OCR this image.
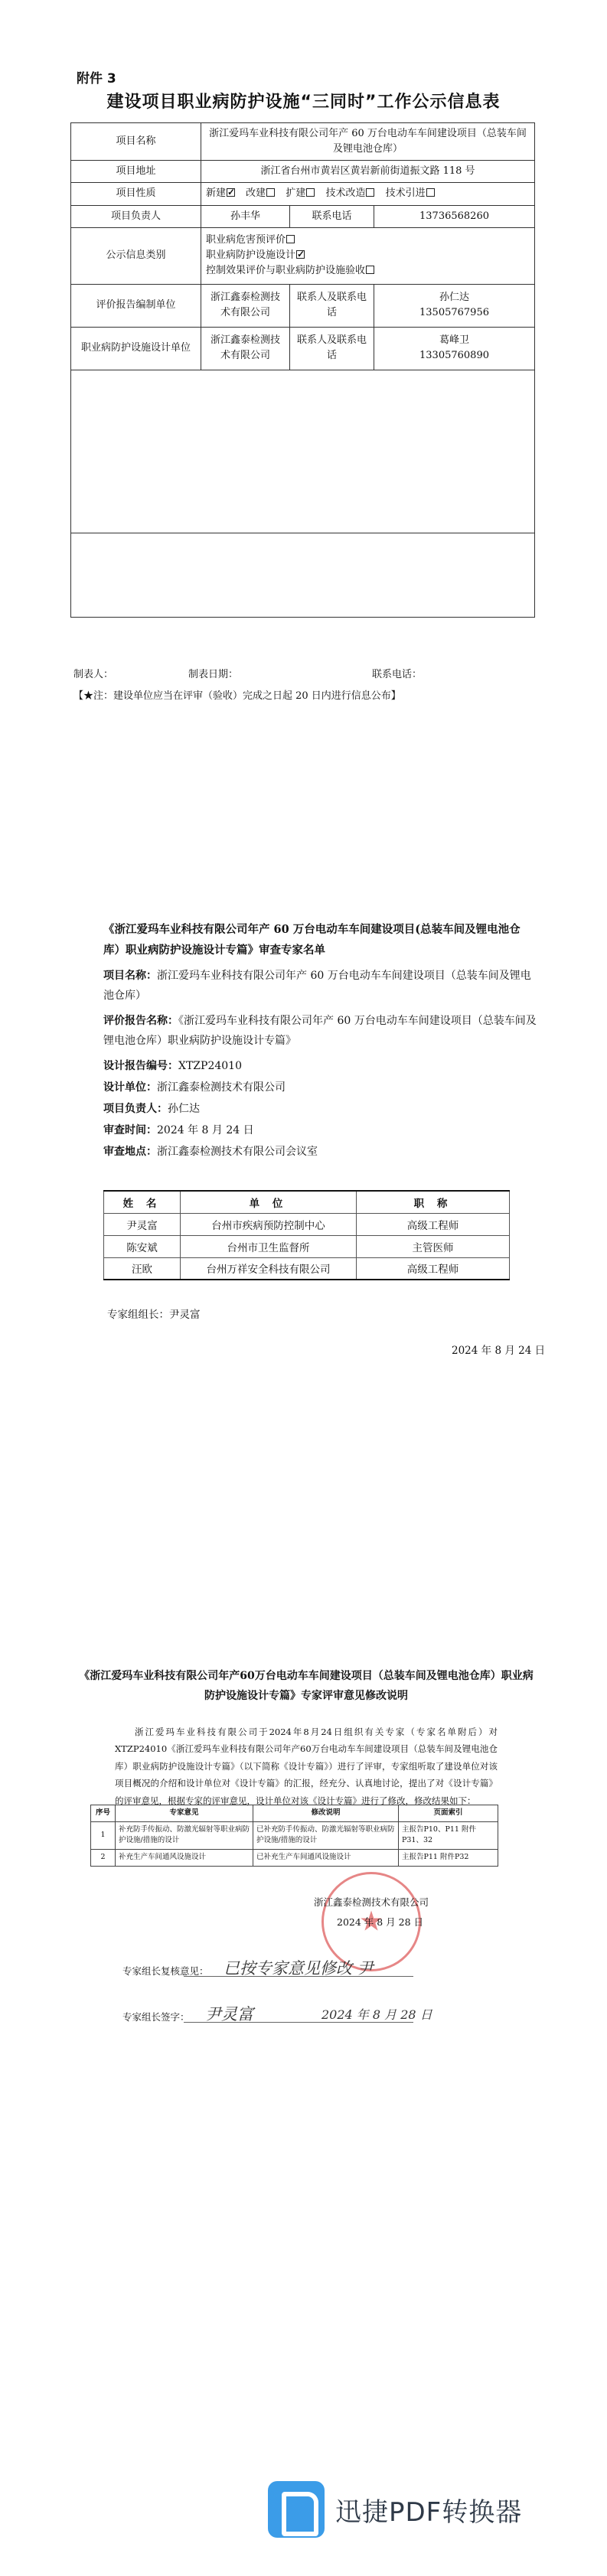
附件 3
建设项目职业病防护设施“三同时”工作公示信息表
项目名称	浙江爱玛车业科技有限公司年产 60 万台电动车车间建设项目（总装车间及锂电池仓库）		
项目地址	浙江省台州市黄岩区黄岩新前街道振文路 118 号		
项目性质	新建 ✓ 改建 扩建 技术改造 技术引进
项目负责人	孙丰华	联系电话	13736568260
公示信息类别	职业病危害预评价
职业病防护设施设计✓
控制效果评价与职业病防护设施验收

评价报告编制单位	浙江鑫泰检测技术有限公司	联系人及联系电话	孙仁达
13505767956

职业病防护设施设计单位	浙江鑫泰检测技术有限公司	联系人及联系电话	葛峰卫
13305760890

制表人：	制表日期：	联系电话：
【★注：建设单位应当在评审（验收）完成之日起 20 日内进行信息公布】
《浙江爱玛车业科技有限公司年产 60 万台电动车车间建设项目(总装车间及锂电池仓库）职业病防护设施设计专篇》审查专家名单
项目名称：浙江爱玛车业科技有限公司年产 60 万台电动车车间建设项目（总装车间及锂电池仓库）
评价报告名称：《浙江爱玛车业科技有限公司年产 60 万台电动车车间建设项目（总装车间及锂电池仓库）职业病防护设施设计专篇》
设计报告编号：XTZP24010
设计单位：浙江鑫泰检测技术有限公司
项目负责人：孙仁达
审查时间：2024 年 8 月 24 日
审查地点：浙江鑫泰检测技术有限公司会议室
姓 名	单 位	职 称
尹灵富	台州市疾病预防控制中心	高级工程师
陈安斌	台州市卫生监督所	主管医师
汪欧	台州万祥安全科技有限公司	高级工程师
专家组组长：尹灵富
2024 年 8 月 24 日
《浙江爱玛车业科技有限公司年产60万台电动车车间建设项目（总装车间及锂电池仓库）职业病防护设施设计专篇》专家评审意见修改说明
浙江爱玛车业科技有限公司于2024年8月24日组织有关专家（专家名单附后）对XTZP24010《浙江爱玛车业科技有限公司年产60万台电动车车间建设项目（总装车间及锂电池仓库）职业病防护设施设计专篇》（以下简称《设计专篇》）进行了评审，专家组听取了建设单位对该项目概况的介绍和设计单位对《设计专篇》的汇报，经充分、认真地讨论，提出了对《设计专篇》的评审意见，根据专家的评审意见，设计单位对该《设计专篇》进行了修改，修改结果如下：
序号	专家意见	修改说明	页面索引
1	补充防手传振动、防激光辐射等职业病防护设施/措施的设计	已补充防手传振动、防激光辐射等职业病防护设施/措施的设计	主报告P10、P11 附件P31、32
2	补充生产车间通风设施设计	已补充生产车间通风设施设计	主报告P11 附件P32
★
浙江鑫泰检测技术有限公司
2024 年 8 月 28 日
专家组长复核意见： 已按专家意见修改 尹
专家组长签字： 尹灵富	2024 年 8 月 28 日
迅捷PDF转换器
